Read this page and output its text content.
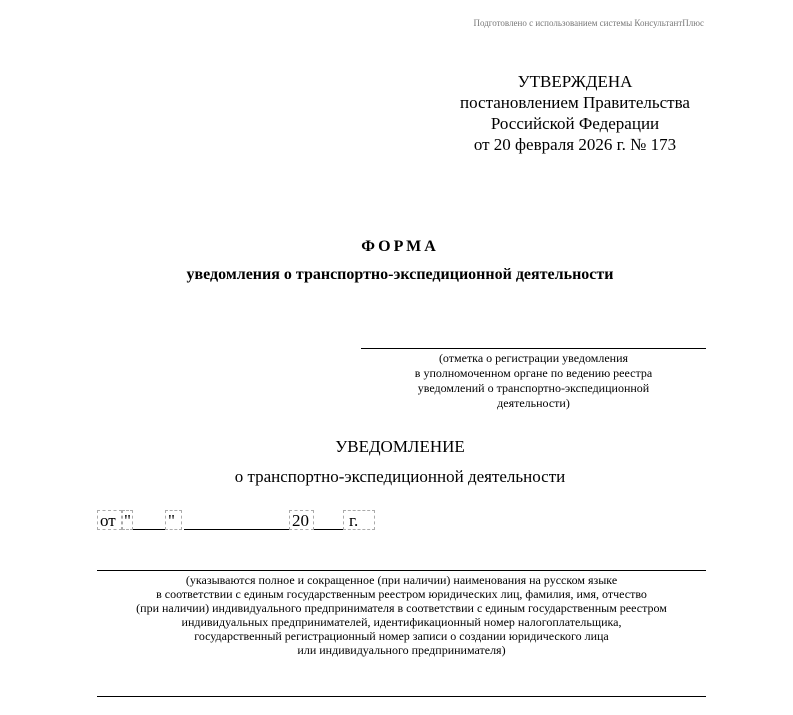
Подготовлено с использованием системы КонсультантПлюс
УТВЕРЖДЕНА
постановлением Правительства
Российской Федерации
от 20 февраля 2026 г. № 173
ФОРМА
уведомления о транспортно-экспедиционной деятельности
(отметка о регистрации уведомления
в уполномоченном органе по ведению реестра
уведомлений о транспортно-экспедиционной
деятельности)
УВЕДОМЛЕНИЕ
о транспортно-экспедиционной деятельности
от " "	20	г.
(указываются полное и сокращенное (при наличии) наименования на русском языке
в соответствии с единым государственным реестром юридических лиц, фамилия, имя, отчество
(при наличии) индивидуального предпринимателя в соответствии с единым государственным реестром
индивидуальных предпринимателей, идентификационный номер налогоплательщика,
государственный регистрационный номер записи о создании юридического лица
или индивидуального предпринимателя)
